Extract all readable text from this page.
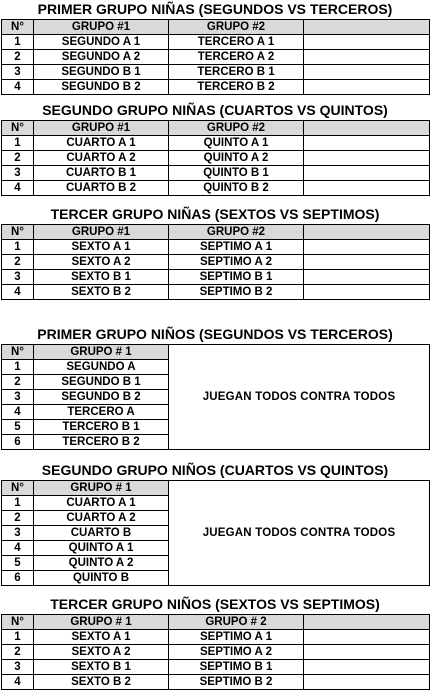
PRIMER GRUPO NIÑAS (SEGUNDOS VS TERCEROS)
N°	GRUPO #1	GRUPO #2	
1	SEGUNDO A 1	TERCERO A 1	
2	SEGUNDO A 2	TERCERO A 2	
3	SEGUNDO B 1	TERCERO B 1	
4	SEGUNDO B 2	TERCERO B 2	
SEGUNDO GRUPO NIÑAS (CUARTOS VS QUINTOS)
N°	GRUPO #1	GRUPO #2	
1	CUARTO A 1	QUINTO A 1	
2	CUARTO A 2	QUINTO A 2	
3	CUARTO B 1	QUINTO B 1	
4	CUARTO B 2	QUINTO B 2	
TERCER GRUPO NIÑAS (SEXTOS VS SEPTIMOS)
N°	GRUPO #1	GRUPO #2	
1	SEXTO A 1	SEPTIMO A 1	
2	SEXTO A 2	SEPTIMO A 2	
3	SEXTO B 1	SEPTIMO B 1	
4	SEXTO B 2	SEPTIMO B 2	
PRIMER GRUPO NIÑOS (SEGUNDOS VS TERCEROS)
N°	GRUPO # 1	JUEGAN TODOS CONTRA TODOS
1	SEGUNDO A	
2	SEGUNDO B 1	
3	SEGUNDO B 2	
4	TERCERO A	
5	TERCERO B 1	
6	TERCERO B 2	
SEGUNDO GRUPO NIÑOS (CUARTOS VS QUINTOS)
N°	GRUPO # 1	JUEGAN TODOS CONTRA TODOS
1	CUARTO A 1	
2	CUARTO A 2	
3	CUARTO B	
4	QUINTO A 1	
5	QUINTO A 2	
6	QUINTO B	
TERCER GRUPO NIÑOS (SEXTOS VS SEPTIMOS)
N°	GRUPO # 1	GRUPO # 2	
1	SEXTO A 1	SEPTIMO A 1	
2	SEXTO A 2	SEPTIMO A 2	
3	SEXTO B 1	SEPTIMO B 1	
4	SEXTO B 2	SEPTIMO B 2	
